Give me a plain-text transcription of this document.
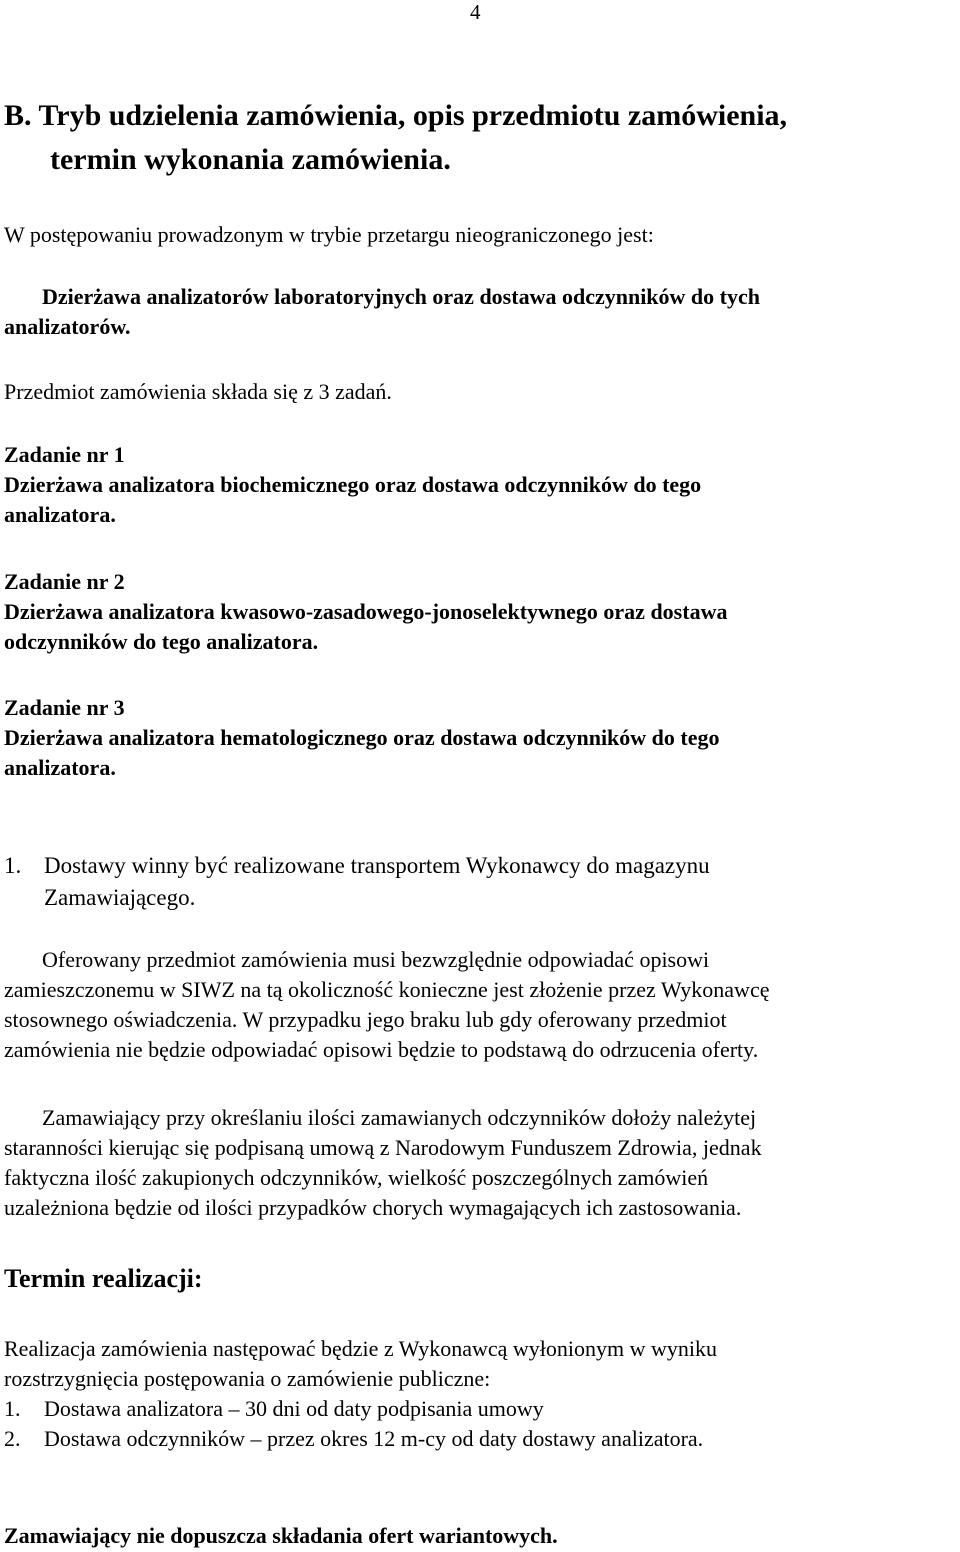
4
B. Tryb udzielenia zamówienia, opis przedmiotu zamówienia,
termin wykonania zamówienia.

W postępowaniu prowadzonym w trybie przetargu nieograniczonego jest:

Dzierżawa analizatorów laboratoryjnych oraz dostawa odczynników do tych
analizatorów.

Przedmiot zamówienia składa się z 3 zadań.

Zadanie nr 1
Dzierżawa analizatora biochemicznego oraz dostawa odczynników do tego
analizatora.
Zadanie nr 2
Dzierżawa analizatora kwasowo-zasadowego-jonoselektywnego oraz dostawa
odczynników do tego analizatora.
Zadanie nr 3
Dzierżawa analizatora hematologicznego oraz dostawa odczynników do tego
analizatora.
1. Dostawy winny być realizowane transportem Wykonawcy do magazynu
Zamawiającego.
Oferowany przedmiot zamówienia musi bezwzględnie odpowiadać opisowi
zamieszczonemu w SIWZ na tą okoliczność konieczne jest złożenie przez Wykonawcę
stosownego oświadczenia. W przypadku jego braku lub gdy oferowany przedmiot
zamówienia nie będzie odpowiadać opisowi będzie to podstawą do odrzucenia oferty.
Zamawiający przy określaniu ilości zamawianych odczynników dołoży należytej
staranności kierując się podpisaną umową z Narodowym Funduszem Zdrowia, jednak
faktyczna ilość zakupionych odczynników, wielkość poszczególnych zamówień
uzależniona będzie od ilości przypadków chorych wymagających ich zastosowania.
Termin realizacji:
Realizacja zamówienia następować będzie z Wykonawcą wyłonionym w wyniku
rozstrzygnięcia postępowania o zamówienie publiczne:
1. Dostawa analizatora – 30 dni od daty podpisania umowy
2. Dostawa odczynników – przez okres 12 m-cy od daty dostawy analizatora.

Zamawiający nie dopuszcza składania ofert wariantowych.
